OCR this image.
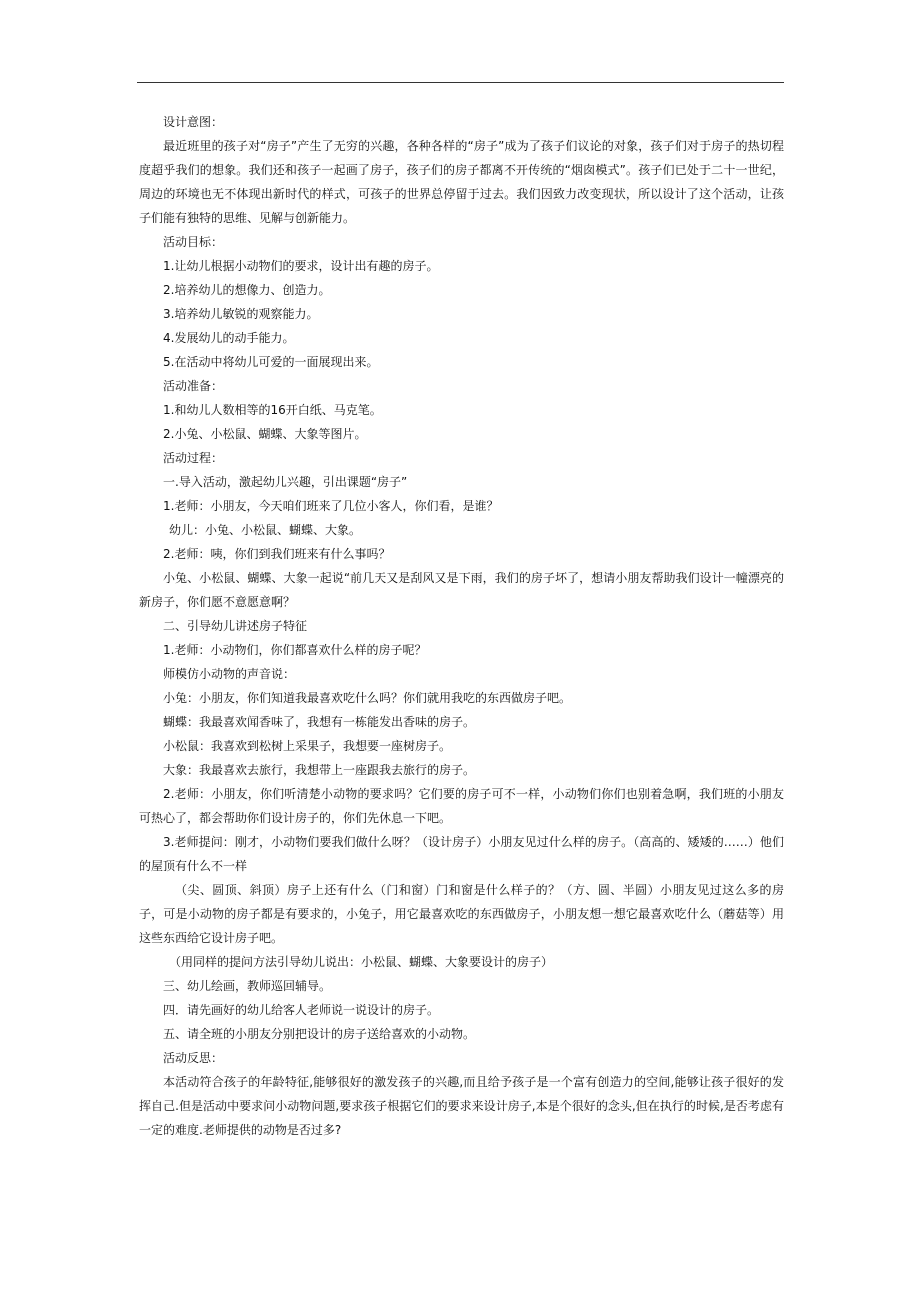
设计意图：

最近班里的孩子对“房子”产生了无穷的兴趣，各种各样的“房子”成为了孩子们议论的对象，孩子们对于房子的热切程度超乎我们的想象。我们还和孩子一起画了房子，孩子们的房子都离不开传统的“烟囱模式”。孩子们已处于二十一世纪，周边的环境也无不体现出新时代的样式，可孩子的世界总停留于过去。我们因致力改变现状，所以设计了这个活动，让孩子们能有独特的思维、见解与创新能力。

活动目标：

1.让幼儿根据小动物们的要求，设计出有趣的房子。

2.培养幼儿的想像力、创造力。

3.培养幼儿敏锐的观察能力。

4.发展幼儿的动手能力。

5.在活动中将幼儿可爱的一面展现出来。

活动准备：

1.和幼儿人数相等的16开白纸、马克笔。

2.小兔、小松鼠、蝴蝶、大象等图片。

活动过程：

一.导入活动，激起幼儿兴趣，引出课题“房子”

1.老师：小朋友，今天咱们班来了几位小客人，你们看，是谁？

幼儿：小兔、小松鼠、蝴蝶、大象。

2.老师：咦，你们到我们班来有什么事吗？

小兔、小松鼠、蝴蝶、大象一起说“前几天又是刮风又是下雨，我们的房子坏了，想请小朋友帮助我们设计一幢漂亮的新房子，你们愿不意愿意啊？

二、引导幼儿讲述房子特征

1.老师：小动物们，你们都喜欢什么样的房子呢？

师模仿小动物的声音说：

小兔：小朋友，你们知道我最喜欢吃什么吗？你们就用我吃的东西做房子吧。

蝴蝶：我最喜欢闻香味了，我想有一栋能发出香味的房子。

小松鼠：我喜欢到松树上采果子，我想要一座树房子。

大象：我最喜欢去旅行，我想带上一座跟我去旅行的房子。

2.老师：小朋友，你们听清楚小动物的要求吗？它们要的房子可不一样，小动物们你们也别着急啊，我们班的小朋友可热心了，都会帮助你们设计房子的，你们先休息一下吧。

3.老师提问：刚才，小动物们要我们做什么呀？（设计房子）小朋友见过什么样的房子。（高高的、矮矮的……）他们的屋顶有什么不一样

（尖、圆顶、斜顶）房子上还有什么（门和窗）门和窗是什么样子的？（方、圆、半圆）小朋友见过这么多的房子，可是小动物的房子都是有要求的，小兔子，用它最喜欢吃的东西做房子，小朋友想一想它最喜欢吃什么（蘑菇等）用这些东西给它设计房子吧。

（用同样的提问方法引导幼儿说出：小松鼠、蝴蝶、大象要设计的房子）

三、幼儿绘画，教师巡回辅导。

四．请先画好的幼儿给客人老师说一说设计的房子。

五、请全班的小朋友分别把设计的房子送给喜欢的小动物。

活动反思：

本活动符合孩子的年龄特征,能够很好的激发孩子的兴趣,而且给予孩子是一个富有创造力的空间,能够让孩子很好的发挥自己.但是活动中要求问小动物问题,要求孩子根据它们的要求来设计房子,本是个很好的念头,但在执行的时候,是否考虑有一定的难度.老师提供的动物是否过多?
